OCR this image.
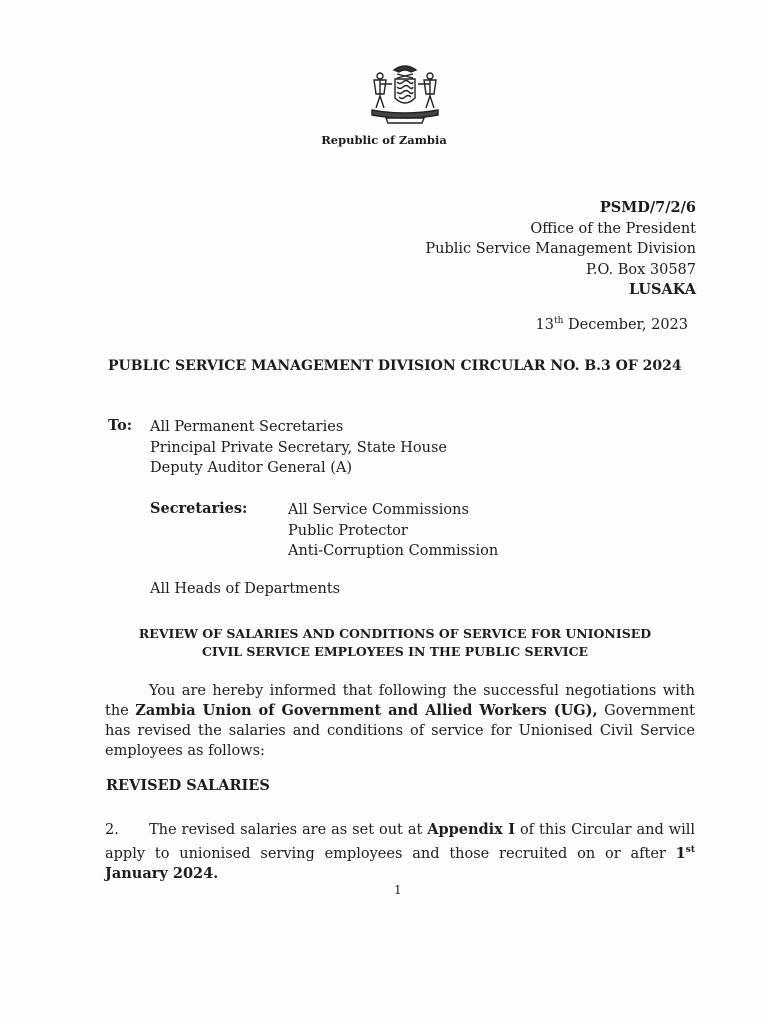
Republic of Zambia
PSMD/7/2/6
Office of the President
Public Service Management Division
P.O. Box 30587
LUSAKA
13th December, 2023
PUBLIC SERVICE MANAGEMENT DIVISION CIRCULAR NO. B.3 OF 2024
To: All Permanent Secretaries
Principal Private Secretary, State House
Deputy Auditor General (A)
Secretaries:	All Service Commissions
Public Protector
Anti-Corruption Commission
All Heads of Departments
REVIEW OF SALARIES AND CONDITIONS OF SERVICE FOR UNIONISED
CIVIL SERVICE EMPLOYEES IN THE PUBLIC SERVICE
You are hereby informed that following the successful negotiations with the Zambia Union of Government and Allied Workers (UG), Government has revised the salaries and conditions of service for Unionised Civil Service employees as follows:
REVISED SALARIES
2. The revised salaries are as set out at Appendix I of this Circular and will apply to unionised serving employees and those recruited on or after 1st January 2024.
1
